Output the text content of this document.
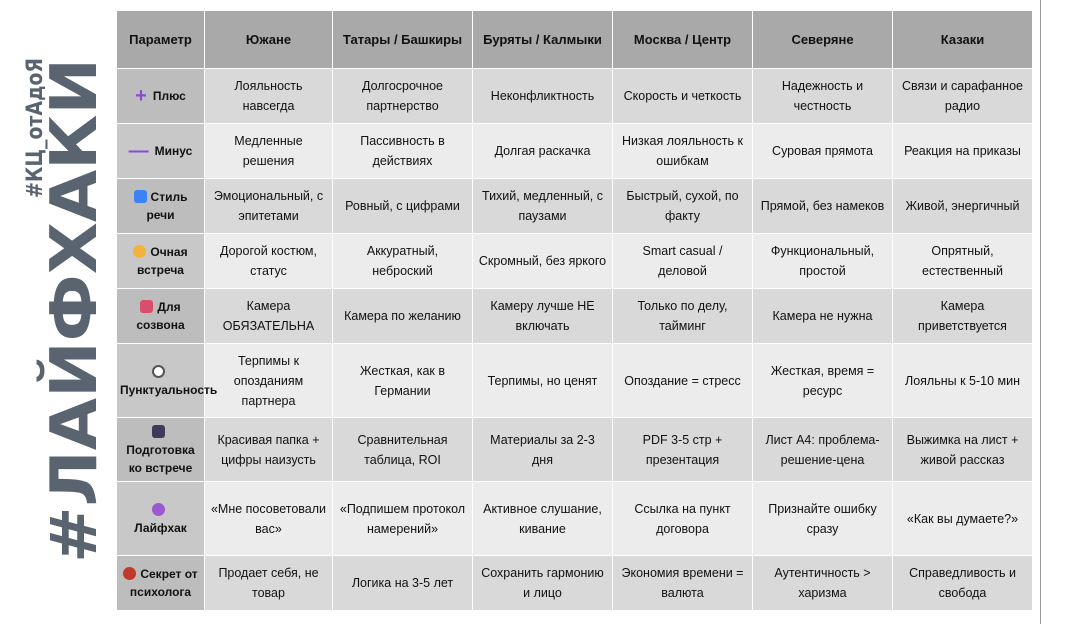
#ЛАЙФХАКИ
#КЦ_отАдоЯ	Параметр	Южане	Татары / Башкиры	Буряты / Калмыки	Москва / Центр	Северяне	Казаки
+ Плюс	Лояльность навсегда	Долгосрочное партнерство	Неконфликтность	Скорость и четкость	Надежность и честность	Связи и сарафанное радио
— Минус	Медленные решения	Пассивность в действиях	Долгая раскачка	Низкая лояльность к ошибкам	Суровая прямота	Реакция на приказы
Стиль речи	Эмоциональный, с эпитетами	Ровный, с цифрами	Тихий, медленный, с паузами	Быстрый, сухой, по факту	Прямой, без намеков	Живой, энергичный
Очная встреча	Дорогой костюм, статус	Аккуратный, неброский	Скромный, без яркого	Smart casual / деловой	Функциональный, простой	Опрятный, естественный
Для созвона	Камера ОБЯЗАТЕЛЬНА	Камера по желанию	Камеру лучше НЕ включать	Только по делу, тайминг	Камера не нужна	Камера приветствуется
Пунктуальность	Терпимы к опозданиям партнера	Жесткая, как в Германии	Терпимы, но ценят	Опоздание = стресс	Жесткая, время = ресурс	Лояльны к 5-10 мин
Подготовка ко встрече	Красивая папка + цифры наизусть	Сравнительная таблица, ROI	Материалы за 2-3 дня	PDF 3-5 стр + презентация	Лист А4: проблема-решение-цена	Выжимка на лист + живой рассказ

Лайфхак	«Мне посоветовали вас»	«Подпишем протокол намерений»	Активное слушание, кивание	Ссылка на пункт договора	Признайте ошибку сразу	«Как вы думаете?»
Секрет от психолога	Продает себя, не товар	Логика на 3-5 лет	Сохранить гармонию и лицо	Экономия времени = валюта	Аутентичность > харизма	Справедливость и свобода
